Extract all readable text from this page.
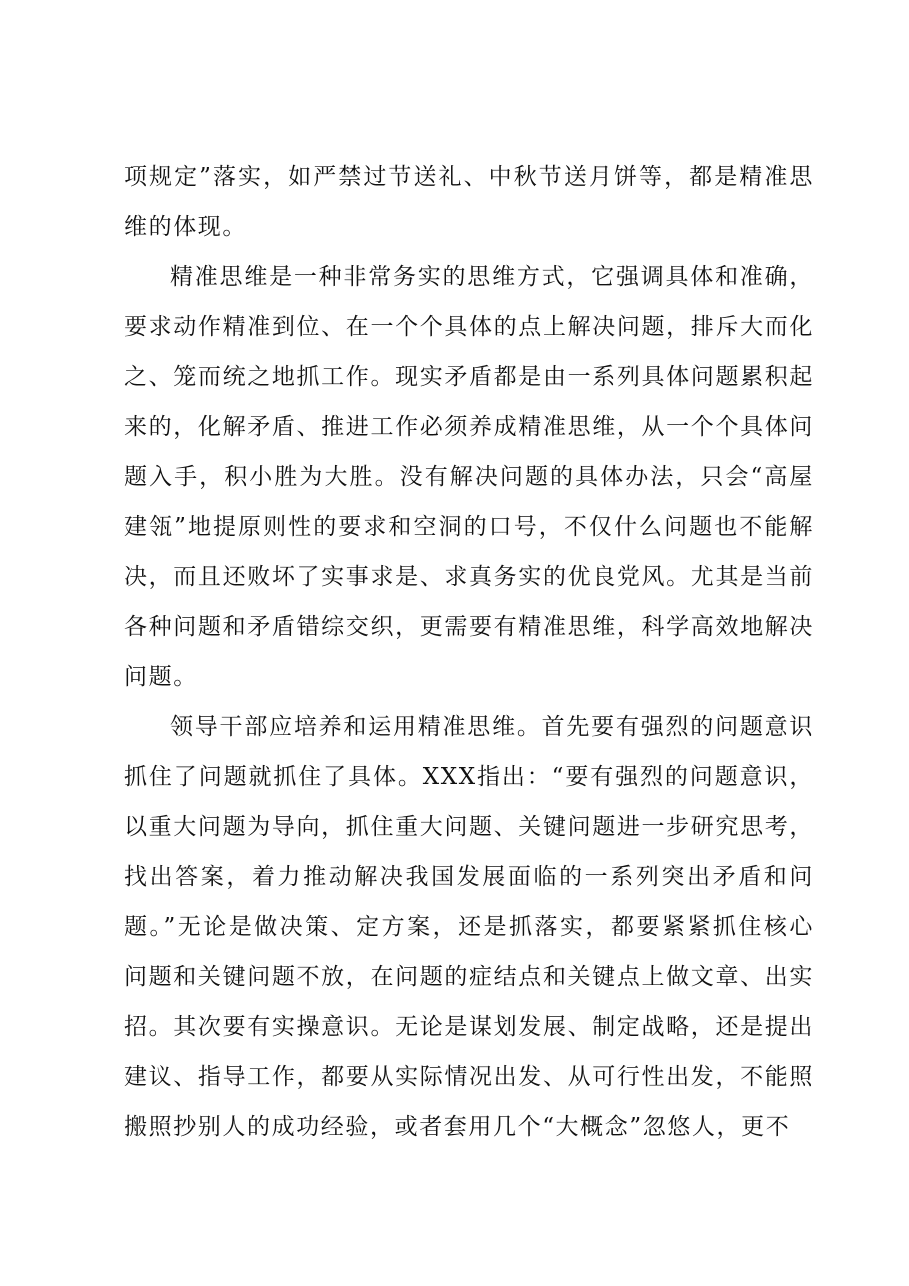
项规定”落实，如严禁过节送礼、中秋节送月饼等，都是精准思维的体现。

精准思维是一种非常务实的思维方式，它强调具体和准确，要求动作精准到位、在一个个具体的点上解决问题，排斥大而化之、笼而统之地抓工作。现实矛盾都是由一系列具体问题累积起来的，化解矛盾、推进工作必须养成精准思维，从一个个具体问题入手，积小胜为大胜。没有解决问题的具体办法，只会“高屋建瓴”地提原则性的要求和空洞的口号，不仅什么问题也不能解决，而且还败坏了实事求是、求真务实的优良党风。尤其是当前各种问题和矛盾错综交织，更需要有精准思维，科学高效地解决问题。

领导干部应培养和运用精准思维。首先要有强烈的问题意识抓住了问题就抓住了具体。XXX指出：“要有强烈的问题意识，以重大问题为导向，抓住重大问题、关键问题进一步研究思考，找出答案，着力推动解决我国发展面临的一系列突出矛盾和问题。”无论是做决策、定方案，还是抓落实，都要紧紧抓住核心问题和关键问题不放，在问题的症结点和关键点上做文章、出实招。其次要有实操意识。无论是谋划发展、制定战略，还是提出建议、指导工作，都要从实际情况出发、从可行性出发，不能照搬照抄别人的成功经验，或者套用几个“大概念”忽悠人，更不
